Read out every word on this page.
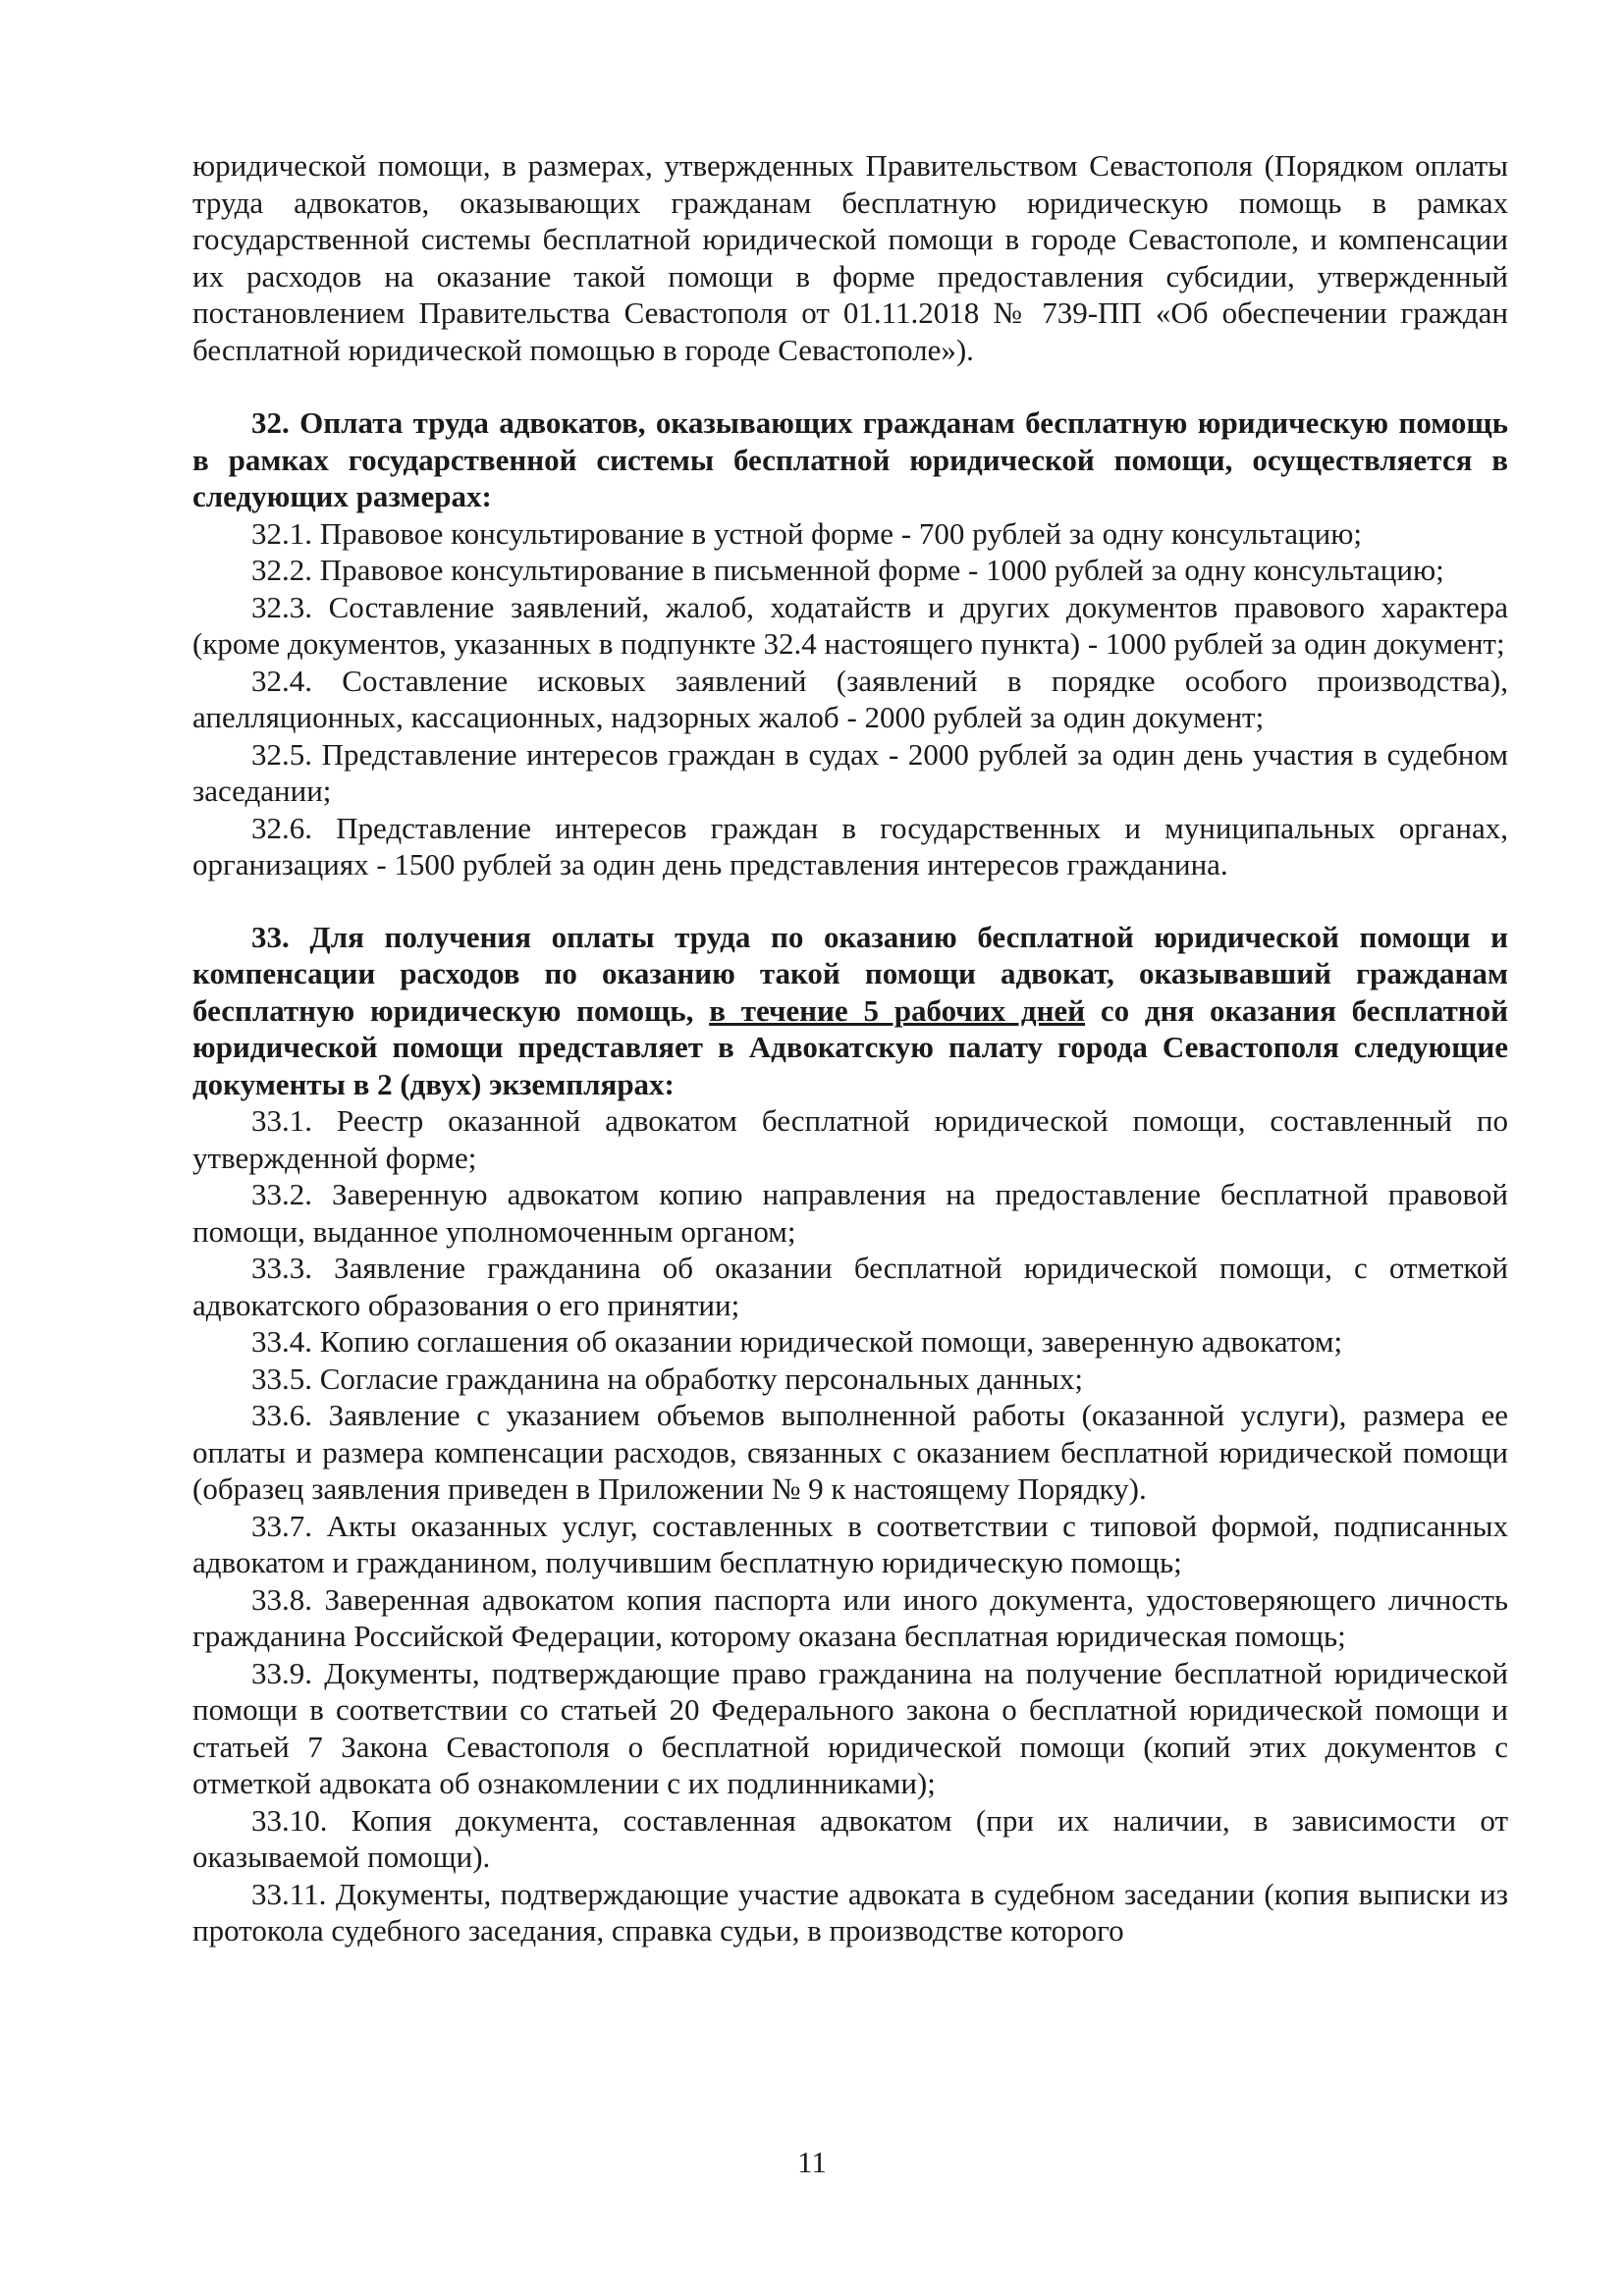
юридической помощи, в размерах, утвержденных Правительством Севастополя (Порядком оплаты труда адвокатов, оказывающих гражданам бесплатную юридическую помощь в рамках государственной системы бесплатной юридической помощи в городе Севастополе, и компенсации их расходов на оказание такой помощи в форме предоставления субсидии, утвержденный постановлением Правительства Севастополя от 01.11.2018 № 739-ПП «Об обеспечении граждан бесплатной юридической помощью в городе Севастополе»).

32. Оплата труда адвокатов, оказывающих гражданам бесплатную юридическую помощь в рамках государственной системы бесплатной юридической помощи, осуществляется в следующих размерах:

32.1. Правовое консультирование в устной форме - 700 рублей за одну консультацию;

32.2. Правовое консультирование в письменной форме - 1000 рублей за одну консультацию;

32.3. Составление заявлений, жалоб, ходатайств и других документов правового характера (кроме документов, указанных в подпункте 32.4 настоящего пункта) - 1000 рублей за один документ;

32.4. Составление исковых заявлений (заявлений в порядке особого производства), апелляционных, кассационных, надзорных жалоб - 2000 рублей за один документ;

32.5. Представление интересов граждан в судах - 2000 рублей за один день участия в судебном заседании;

32.6. Представление интересов граждан в государственных и муниципальных органах, организациях - 1500 рублей за один день представления интересов гражданина.

33. Для получения оплаты труда по оказанию бесплатной юридической помощи и компенсации расходов по оказанию такой помощи адвокат, оказывавший гражданам бесплатную юридическую помощь, в течение 5 рабочих дней со дня оказания бесплатной юридической помощи представляет в Адвокатскую палату города Севастополя следующие документы в 2 (двух) экземплярах:

33.1. Реестр оказанной адвокатом бесплатной юридической помощи, составленный по утвержденной форме;

33.2. Заверенную адвокатом копию направления на предоставление бесплатной правовой помощи, выданное уполномоченным органом;

33.3. Заявление гражданина об оказании бесплатной юридической помощи, с отметкой адвокатского образования о его принятии;

33.4. Копию соглашения об оказании юридической помощи, заверенную адвокатом;

33.5. Согласие гражданина на обработку персональных данных;

33.6. Заявление с указанием объемов выполненной работы (оказанной услуги), размера ее оплаты и размера компенсации расходов, связанных с оказанием бесплатной юридической помощи (образец заявления приведен в Приложении № 9 к настоящему Порядку).

33.7. Акты оказанных услуг, составленных в соответствии с типовой формой, подписанных адвокатом и гражданином, получившим бесплатную юридическую помощь;

33.8. Заверенная адвокатом копия паспорта или иного документа, удостоверяющего личность гражданина Российской Федерации, которому оказана бесплатная юридическая помощь;

33.9. Документы, подтверждающие право гражданина на получение бесплатной юридической помощи в соответствии со статьей 20 Федерального закона о бесплатной юридической помощи и статьей 7 Закона Севастополя о бесплатной юридической помощи (копий этих документов с отметкой адвоката об ознакомлении с их подлинниками);

33.10. Копия документа, составленная адвокатом (при их наличии, в зависимости от оказываемой помощи).

33.11. Документы, подтверждающие участие адвоката в судебном заседании (копия выписки из протокола судебного заседания, справка судьи, в производстве которого

11
